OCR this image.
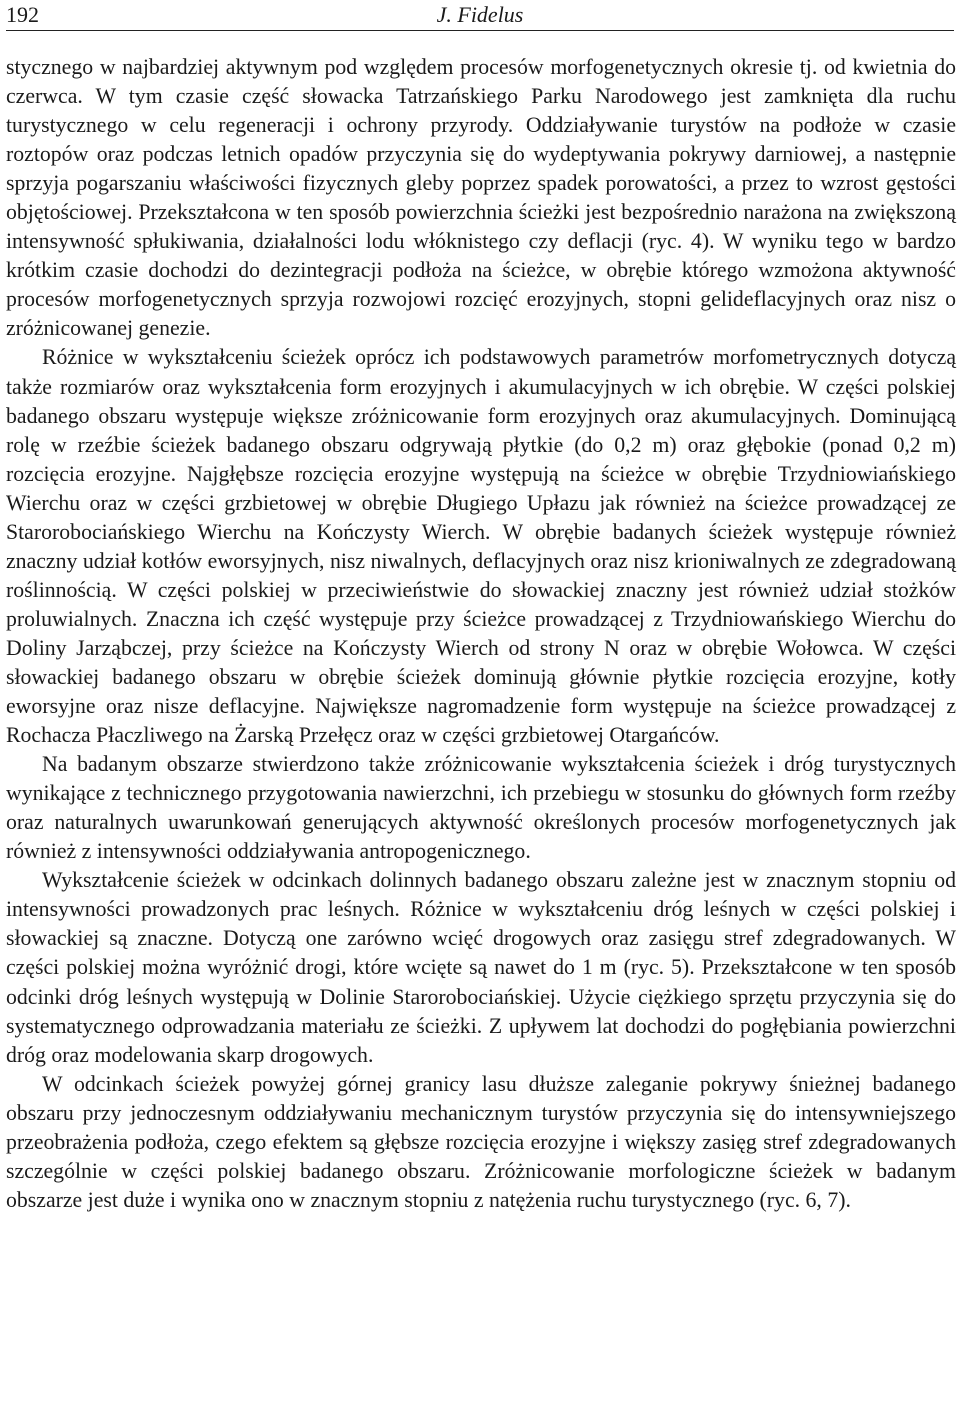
192	J. Fidelus

stycznego w najbardziej aktywnym pod względem procesów morfogenetycznych okresie tj. od kwietnia do czerwca. W tym czasie część słowacka Tatrzańskiego Parku Narodowego jest zamknięta dla ruchu turystycznego w celu regeneracji i ochrony przyrody. Oddziaływanie turystów na podłoże w czasie roztopów oraz podczas letnich opadów przyczynia się do wydeptywania pokrywy darniowej, a następnie sprzyja pogarszaniu właściwości fizycznych gleby poprzez spadek porowatości, a przez to wzrost gęstości objętościowej. Przekształcona w ten sposób powierzchnia ścieżki jest bezpośrednio narażona na zwiększoną intensywność spłukiwania, działalności lodu włóknistego czy deflacji (ryc. 4). W wyniku tego w bardzo krótkim czasie dochodzi do dezintegracji podłoża na ścieżce, w obrębie którego wzmożona aktywność procesów morfogenetycznych sprzyja rozwojowi rozcięć erozyjnych, stopni gelideflacyjnych oraz nisz o zróżnicowanej genezie.

Różnice w wykształceniu ścieżek oprócz ich podstawowych parametrów morfometrycznych dotyczą także rozmiarów oraz wykształcenia form erozyjnych i akumulacyjnych w ich obrębie. W części polskiej badanego obszaru występuje większe zróżnicowanie form erozyjnych oraz akumulacyjnych. Dominującą rolę w rzeźbie ścieżek badanego obszaru odgrywają płytkie (do 0,2 m) oraz głębokie (ponad 0,2 m) rozcięcia erozyjne. Najgłębsze rozcięcia erozyjne występują na ścieżce w obrębie Trzydniowiańskiego Wierchu oraz w części grzbietowej w obrębie Długiego Upłazu jak również na ścieżce prowadzącej ze Starorobociańskiego Wierchu na Kończysty Wierch. W obrębie badanych ścieżek występuje również znaczny udział kotłów eworsyjnych, nisz niwalnych, deflacyjnych oraz nisz krioniwalnych ze zdegradowaną roślinnością. W części polskiej w przeciwieństwie do słowackiej znaczny jest również udział stożków proluwialnych. Znaczna ich część występuje przy ścieżce prowadzącej z Trzydniowańskiego Wierchu do Doliny Jarząbczej, przy ścieżce na Kończysty Wierch od strony N oraz w obrębie Wołowca. W części słowackiej badanego obszaru w obrębie ścieżek dominują głównie płytkie rozcięcia erozyjne, kotły eworsyjne oraz nisze deflacyjne. Największe nagromadzenie form występuje na ścieżce prowadzącej z Rochacza Płaczliwego na Żarską Przełęcz oraz w części grzbietowej Otargańców.

Na badanym obszarze stwierdzono także zróżnicowanie wykształcenia ścieżek i dróg turystycznych wynikające z technicznego przygotowania nawierzchni, ich przebiegu w stosunku do głównych form rzeźby oraz naturalnych uwarunkowań generujących aktywność określonych procesów morfogenetycznych jak również z intensywności oddziaływania antropogenicznego.

Wykształcenie ścieżek w odcinkach dolinnych badanego obszaru zależne jest w znacznym stopniu od intensywności prowadzonych prac leśnych. Różnice w wykształceniu dróg leśnych w części polskiej i słowackiej są znaczne. Dotyczą one zarówno wcięć drogowych oraz zasięgu stref zdegradowanych. W części polskiej można wyróżnić drogi, które wcięte są nawet do 1 m (ryc. 5). Przekształcone w ten sposób odcinki dróg leśnych występują w Dolinie Starorobociańskiej. Użycie ciężkiego sprzętu przyczynia się do systematycznego odprowadzania materiału ze ścieżki. Z upływem lat dochodzi do pogłębiania powierzchni dróg oraz modelowania skarp drogowych.

W odcinkach ścieżek powyżej górnej granicy lasu dłuższe zaleganie pokrywy śnieżnej badanego obszaru przy jednoczesnym oddziaływaniu mechanicznym turystów przyczynia się do intensywniejszego przeobrażenia podłoża, czego efektem są głębsze rozcięcia erozyjne i większy zasięg stref zdegradowanych szczególnie w części polskiej badanego obszaru. Zróżnicowanie morfologiczne ścieżek w badanym obszarze jest duże i wynika ono w znacznym stopniu z natężenia ruchu turystycznego (ryc. 6, 7).
